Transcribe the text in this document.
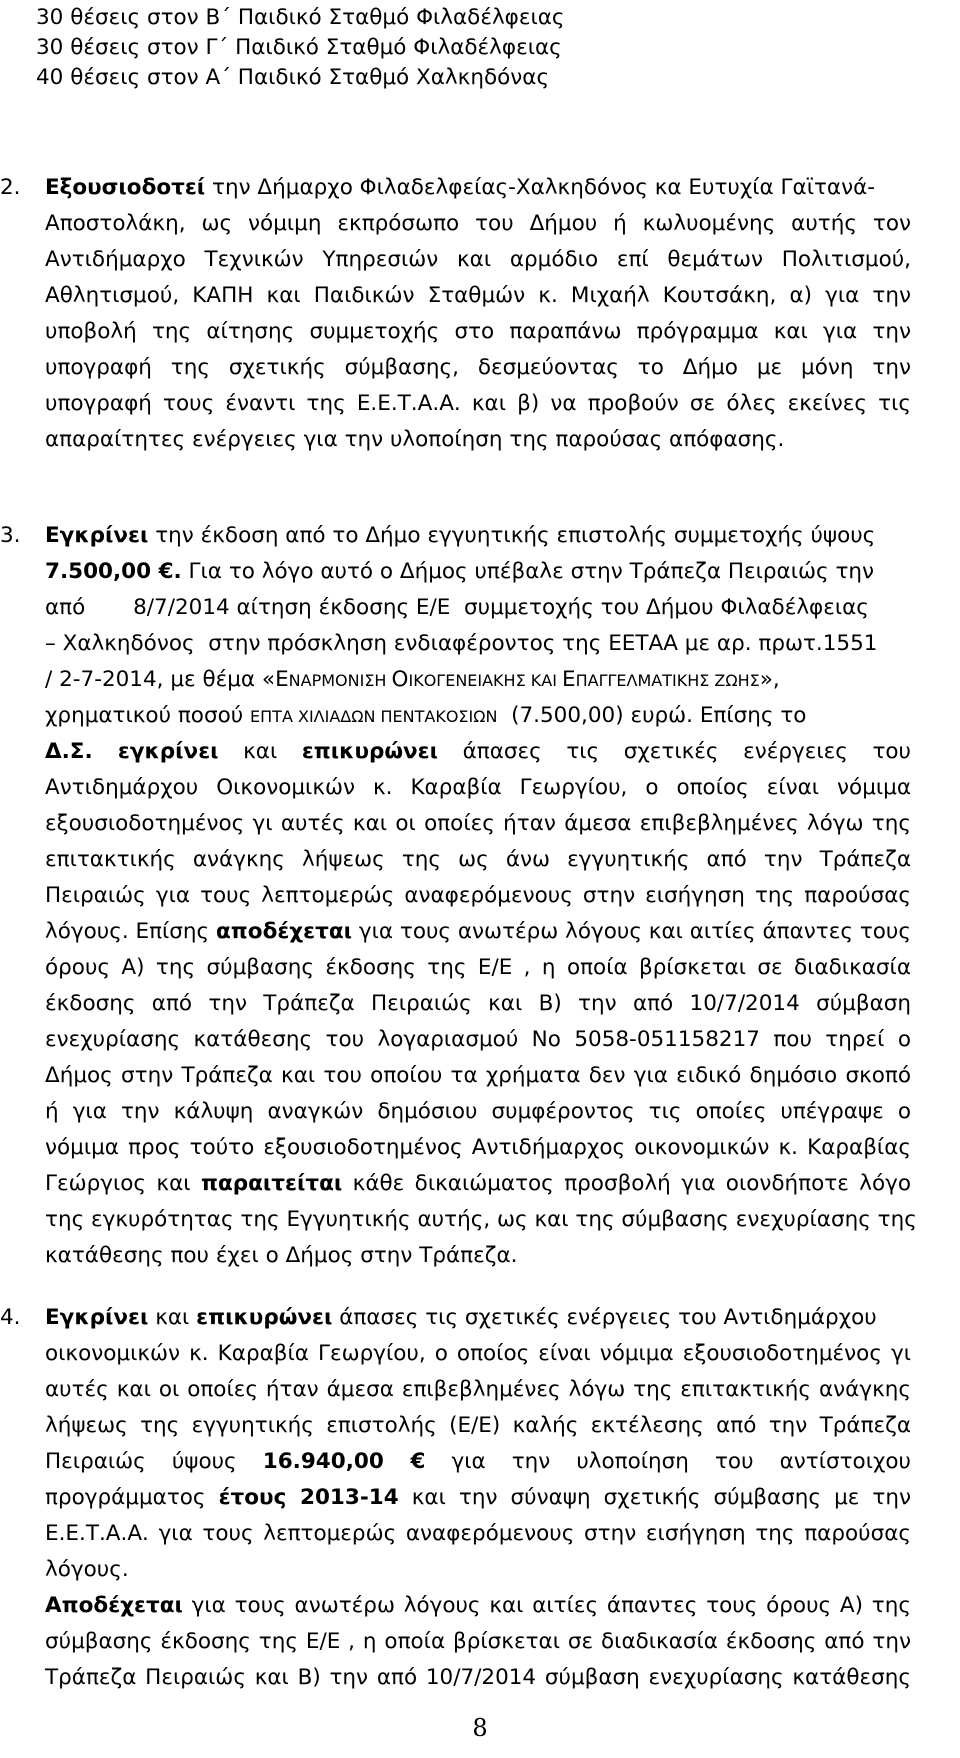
30 θέσεις στον Β΄ Παιδικό Σταθμό Φιλαδέλφειας
30 θέσεις στον Γ΄ Παιδικό Σταθμό Φιλαδέλφειας
40 θέσεις στον Α΄ Παιδικό Σταθμό Χαλκηδόνας
2.	Εξουσιοδοτεί την Δήμαρχο Φιλαδελφείας-Χαλκηδόνος κα Ευτυχία Γαϊτανά-
Αποστολάκη, ως νόμιμη εκπρόσωπο του Δήμου ή κωλυομένης αυτής τον
Αντιδήμαρχο Τεχνικών Υπηρεσιών και αρμόδιο επί θεμάτων Πολιτισμού,
Αθλητισμού, ΚΑΠΗ και Παιδικών Σταθμών κ. Μιχαήλ Κουτσάκη, α) για την
υποβολή της αίτησης συμμετοχής στο παραπάνω πρόγραμμα και για την
υπογραφή της σχετικής σύμβασης, δεσμεύοντας το Δήμο με μόνη την
υπογραφή τους έναντι της Ε.Ε.Τ.Α.Α. και β) να προβούν σε όλες εκείνες τις
απαραίτητες ενέργειες για την υλοποίηση της παρούσας απόφασης.
3.	Εγκρίνει την έκδοση από το Δήμο εγγυητικής επιστολής συμμετοχής ύψους
7.500,00 €. Για το λόγο αυτό ο Δήμος υπέβαλε στην Τράπεζα Πειραιώς την
από       8/7/2014 αίτηση έκδοσης Ε/Ε  συμμετοχής του Δήμου Φιλαδέλφειας
– Χαλκηδόνος  στην πρόσκληση ενδιαφέροντος της ΕΕΤΑΑ με αρ. πρωτ.1551
/ 2-7-2014, με θέμα «ΕΝΑΡΜΟΝΙΣΗ ΟΙΚΟΓΕΝΕΙΑΚΗΣ ΚΑΙ ΕΠΑΓΓΕΛΜΑΤΙΚΗΣ ΖΩΗΣ»,
χρηματικού ποσού ΕΠΤΑ ΧΙΛΙΑΔΩΝ ΠΕΝΤΑΚΟΣΙΩΝ  (7.500,00) ευρώ. Επίσης το
Δ.Σ. εγκρίνει και επικυρώνει άπασες τις σχετικές ενέργειες του
Αντιδημάρχου Οικονομικών κ. Καραβία Γεωργίου, ο οποίος είναι νόμιμα
εξουσιοδοτημένος γι αυτές και οι οποίες ήταν άμεσα επιβεβλημένες λόγω της
επιτακτικής ανάγκης λήψεως της ως άνω εγγυητικής από την Τράπεζα
Πειραιώς για τους λεπτομερώς αναφερόμενους στην εισήγηση της παρούσας
λόγους. Επίσης αποδέχεται για τους ανωτέρω λόγους και αιτίες άπαντες τους
όρους Α) της σύμβασης έκδοσης της Ε/Ε , η οποία βρίσκεται σε διαδικασία
έκδοσης από την Τράπεζα Πειραιώς και Β) την από 10/7/2014 σύμβαση
ενεχυρίασης κατάθεσης του λογαριασμού Νο 5058-051158217 που τηρεί ο
Δήμος στην Τράπεζα και του οποίου τα χρήματα δεν για ειδικό δημόσιο σκοπό
ή για την κάλυψη αναγκών δημόσιου συμφέροντος τις οποίες υπέγραψε ο
νόμιμα προς τούτο εξουσιοδοτημένος Αντιδήμαρχος οικονομικών κ. Καραβίας
Γεώργιος και παραιτείται κάθε δικαιώματος προσβολή για οιονδήποτε λόγο
της εγκυρότητας της Εγγυητικής αυτής, ως και της σύμβασης ενεχυρίασης της
κατάθεσης που έχει ο Δήμος στην Τράπεζα.
4.	Εγκρίνει και επικυρώνει άπασες τις σχετικές ενέργειες του Αντιδημάρχου
οικονομικών κ. Καραβία Γεωργίου, ο οποίος είναι νόμιμα εξουσιοδοτημένος γι
αυτές και οι οποίες ήταν άμεσα επιβεβλημένες λόγω της επιτακτικής ανάγκης
λήψεως της εγγυητικής επιστολής (Ε/Ε) καλής εκτέλεσης από την Τράπεζα
Πειραιώς ύψους 16.940,00 € για την υλοποίηση του αντίστοιχου
προγράμματος έτους 2013-14 και την σύναψη σχετικής σύμβασης με την
Ε.Ε.Τ.Α.Α. για τους λεπτομερώς αναφερόμενους στην εισήγηση της παρούσας
λόγους.
Αποδέχεται για τους ανωτέρω λόγους και αιτίες άπαντες τους όρους Α) της
σύμβασης έκδοσης της Ε/Ε , η οποία βρίσκεται σε διαδικασία έκδοσης από την
Τράπεζα Πειραιώς και Β) την από 10/7/2014 σύμβαση ενεχυρίασης κατάθεσης
8
